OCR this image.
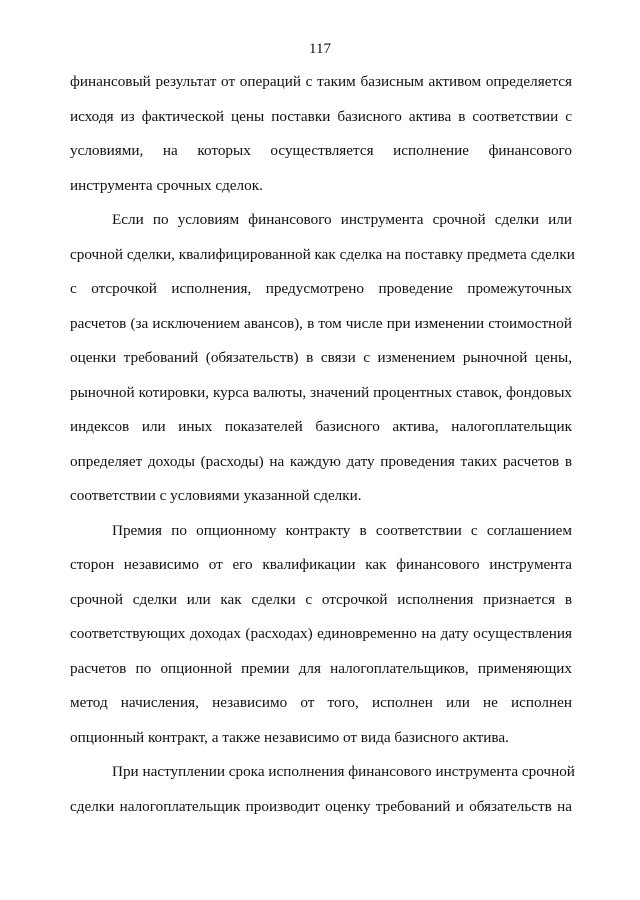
117
финансовый результат от операций с таким базисным активом определяется
исходя из фактической цены поставки базисного актива в соответствии с
условиями, на которых осуществляется исполнение финансового
инструмента срочных сделок.
Если по условиям финансового инструмента срочной сделки или
срочной сделки, квалифицированной как сделка на поставку предмета сделки
с отсрочкой исполнения, предусмотрено проведение промежуточных
расчетов (за исключением авансов), в том числе при изменении стоимостной
оценки требований (обязательств) в связи с изменением рыночной цены,
рыночной котировки, курса валюты, значений процентных ставок, фондовых
индексов или иных показателей базисного актива, налогоплательщик
определяет доходы (расходы) на каждую дату проведения таких расчетов в
соответствии с условиями указанной сделки.
Премия по опционному контракту в соответствии с соглашением
сторон независимо от его квалификации как финансового инструмента
срочной сделки или как сделки с отсрочкой исполнения признается в
соответствующих доходах (расходах) единовременно на дату осуществления
расчетов по опционной премии для налогоплательщиков, применяющих
метод начисления, независимо от того, исполнен или не исполнен
опционный контракт, а также независимо от вида базисного актива.
При наступлении срока исполнения финансового инструмента срочной
сделки налогоплательщик производит оценку требований и обязательств на
